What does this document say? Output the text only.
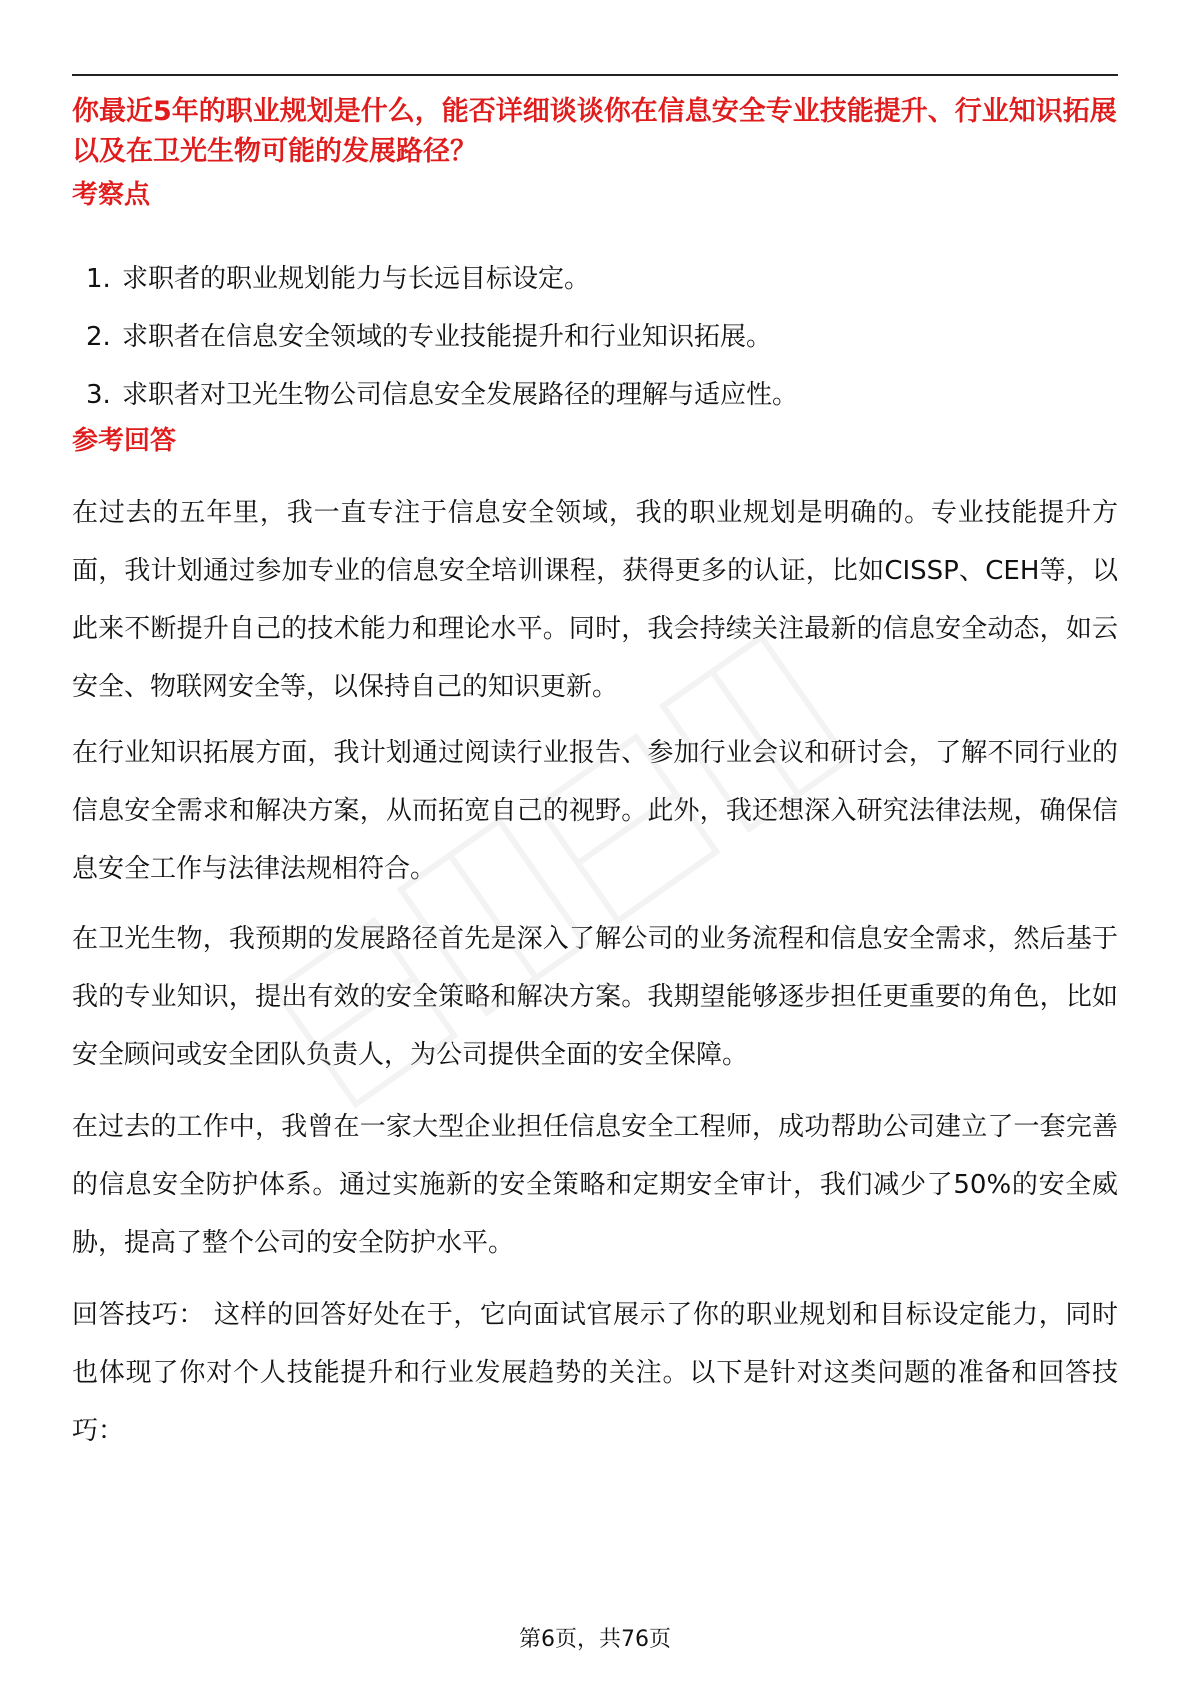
你最近5年的职业规划是什么，能否详细谈谈你在信息安全专业技能提升、行业知识拓展以及在卫光生物可能的发展路径？

考察点

1. 求职者的职业规划能力与长远目标设定。
2. 求职者在信息安全领域的专业技能提升和行业知识拓展。
3. 求职者对卫光生物公司信息安全发展路径的理解与适应性。

参考回答

在过去的五年里，我一直专注于信息安全领域，我的职业规划是明确的。专业技能提升方面，我计划通过参加专业的信息安全培训课程，获得更多的认证，比如CISSP、CEH等，以此来不断提升自己的技术能力和理论水平。同时，我会持续关注最新的信息安全动态，如云安全、物联网安全等，以保持自己的知识更新。

在行业知识拓展方面，我计划通过阅读行业报告、参加行业会议和研讨会，了解不同行业的信息安全需求和解决方案，从而拓宽自己的视野。此外，我还想深入研究法律法规，确保信息安全工作与法律法规相符合。

在卫光生物，我预期的发展路径首先是深入了解公司的业务流程和信息安全需求，然后基于我的专业知识，提出有效的安全策略和解决方案。我期望能够逐步担任更重要的角色，比如安全顾问或安全团队负责人，为公司提供全面的安全保障。

在过去的工作中，我曾在一家大型企业担任信息安全工程师，成功帮助公司建立了一套完善的信息安全防护体系。通过实施新的安全策略和定期安全审计，我们减少了50%的安全威胁，提高了整个公司的安全防护水平。

回答技巧： 这样的回答好处在于，它向面试官展示了你的职业规划和目标设定能力，同时也体现了你对个人技能提升和行业发展趋势的关注。以下是针对这类问题的准备和回答技巧：

第6页，共76页
